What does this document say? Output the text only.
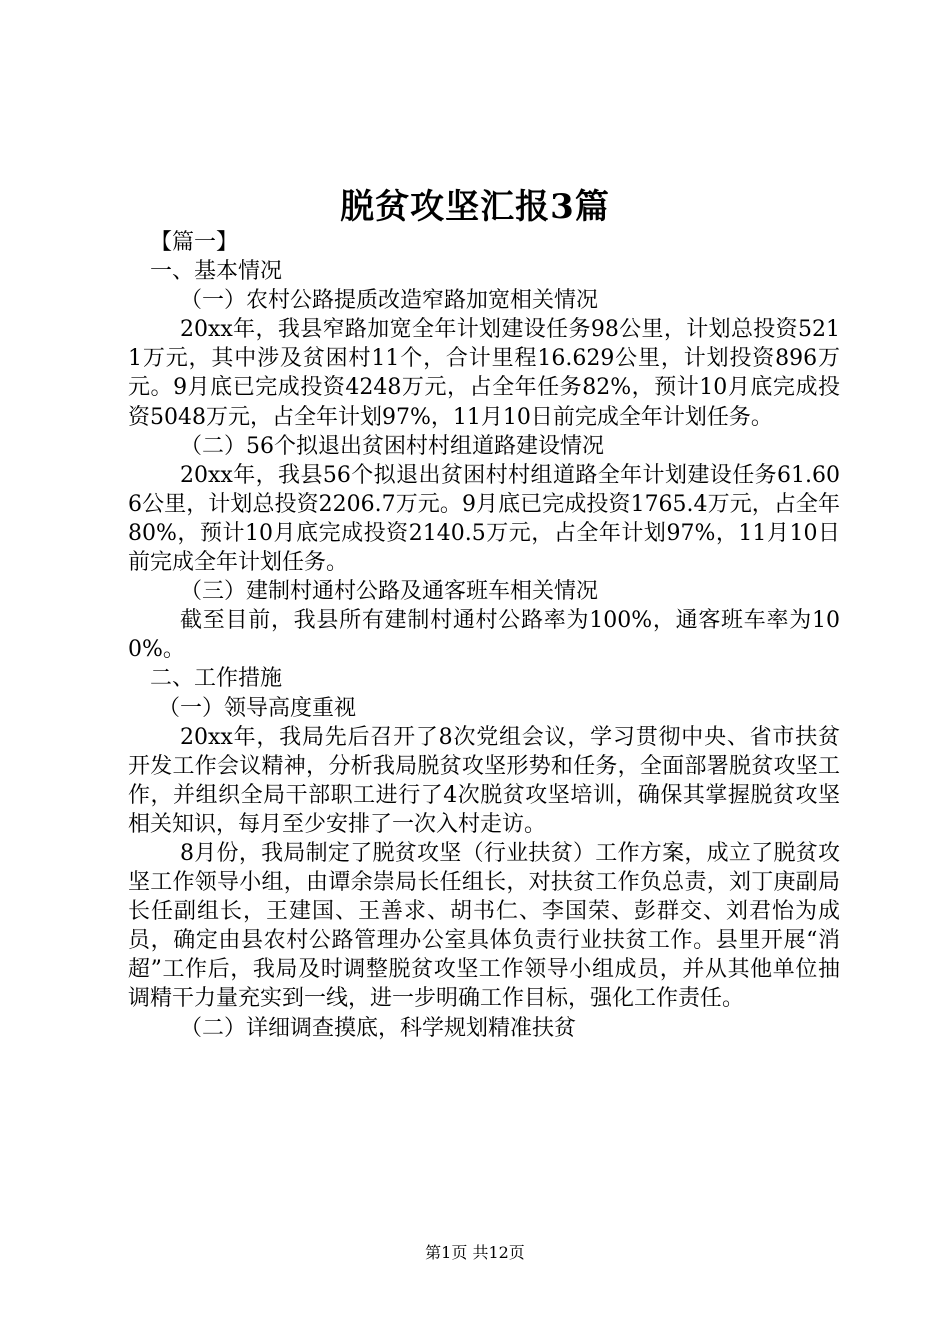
脱贫攻坚汇报3篇

【篇一】

一、基本情况

（一）农村公路提质改造窄路加宽相关情况

20xx年，我县窄路加宽全年计划建设任务98公里，计划总投资5211万元，其中涉及贫困村11个，合计里程16.629公里，计划投资896万元。9月底已完成投资4248万元，占全年任务82%，预计10月底完成投资5048万元，占全年计划97%，11月10日前完成全年计划任务。

（二）56个拟退出贫困村村组道路建设情况

20xx年，我县56个拟退出贫困村村组道路全年计划建设任务61.606公里，计划总投资2206.7万元。9月底已完成投资1765.4万元，占全年80%，预计10月底完成投资2140.5万元，占全年计划97%，11月10日前完成全年计划任务。

（三）建制村通村公路及通客班车相关情况

截至目前，我县所有建制村通村公路率为100%，通客班车率为100%。

二、工作措施

（一）领导高度重视

20xx年，我局先后召开了8次党组会议，学习贯彻中央、省市扶贫开发工作会议精神，分析我局脱贫攻坚形势和任务，全面部署脱贫攻坚工作，并组织全局干部职工进行了4次脱贫攻坚培训，确保其掌握脱贫攻坚相关知识，每月至少安排了一次入村走访。

8月份，我局制定了脱贫攻坚（行业扶贫）工作方案，成立了脱贫攻坚工作领导小组，由谭余崇局长任组长，对扶贫工作负总责，刘丁庚副局长任副组长，王建国、王善求、胡书仁、李国荣、彭群交、刘君怡为成员，确定由县农村公路管理办公室具体负责行业扶贫工作。县里开展“消超”工作后，我局及时调整脱贫攻坚工作领导小组成员，并从其他单位抽调精干力量充实到一线，进一步明确工作目标，强化工作责任。

（二）详细调查摸底，科学规划精准扶贫

第1页 共12页
